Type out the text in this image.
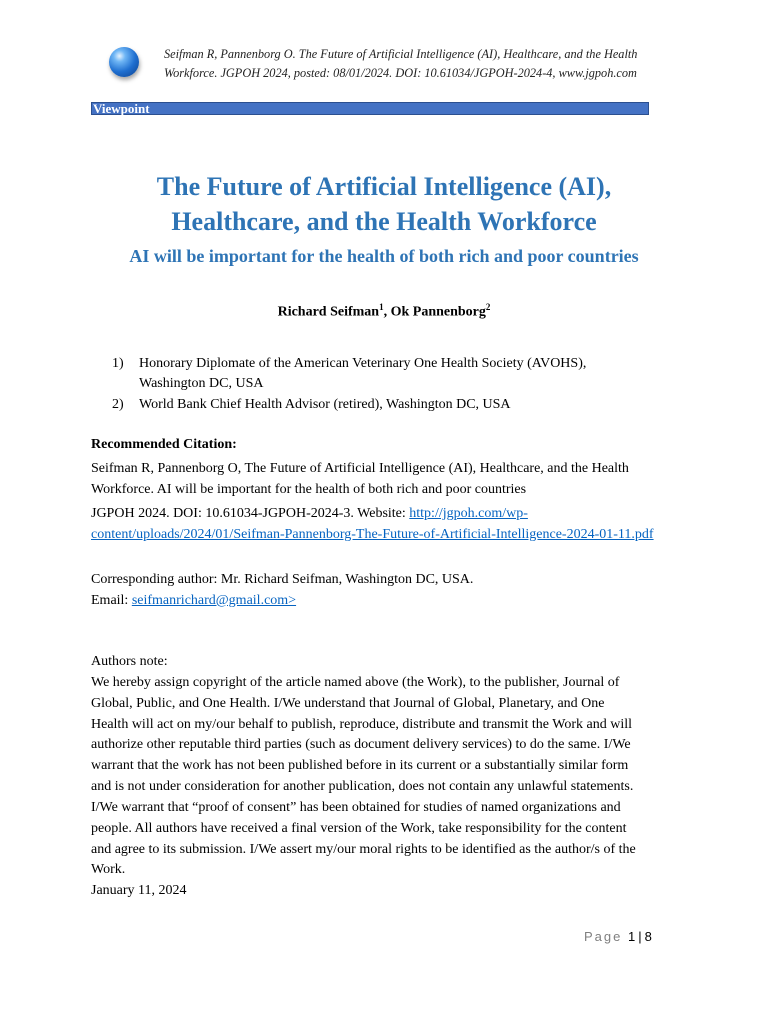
Seifman R, Pannenborg O. The Future of Artificial Intelligence (AI), Healthcare, and the Health
Workforce. JGPOH 2024, posted: 08/01/2024. DOI: 10.61034/JGPOH-2024-4, www.jgpoh.com
Viewpoint
The Future of Artificial Intelligence (AI),
Healthcare, and the Health Workforce
AI will be important for the health of both rich and poor countries
Richard Seifman$^1$, Ok Pannenborg$^2$
1) Honorary Diplomate of the American Veterinary One Health Society (AVOHS),
Washington DC, USA
2) World Bank Chief Health Advisor (retired), Washington DC, USA
Recommended Citation:
Seifman R, Pannenborg O, The Future of Artificial Intelligence (AI), Healthcare, and the Health
Workforce. AI will be important for the health of both rich and poor countries
JGPOH 2024. DOI: 10.61034-JGPOH-2024-3. Website: http://jgpoh.com/wp-
content/uploads/2024/01/Seifman-Pannenborg-The-Future-of-Artificial-Intelligence-2024-01-11.pdf
Corresponding author: Mr. Richard Seifman, Washington DC, USA.
Email: seifmanrichard@gmail.com>
Authors note:
We hereby assign copyright of the article named above (the Work), to the publisher, Journal of
Global, Public, and One Health. I/We understand that Journal of Global, Planetary, and One
Health will act on my/our behalf to publish, reproduce, distribute and transmit the Work and will
authorize other reputable third parties (such as document delivery services) to do the same. I/We
warrant that the work has not been published before in its current or a substantially similar form
and is not under consideration for another publication, does not contain any unlawful statements.
I/We warrant that “proof of consent” has been obtained for studies of named organizations and
people. All authors have received a final version of the Work, take responsibility for the content
and agree to its submission. I/We assert my/our moral rights to be identified as the author/s of the
Work.
January 11, 2024
Page 1 | 8
